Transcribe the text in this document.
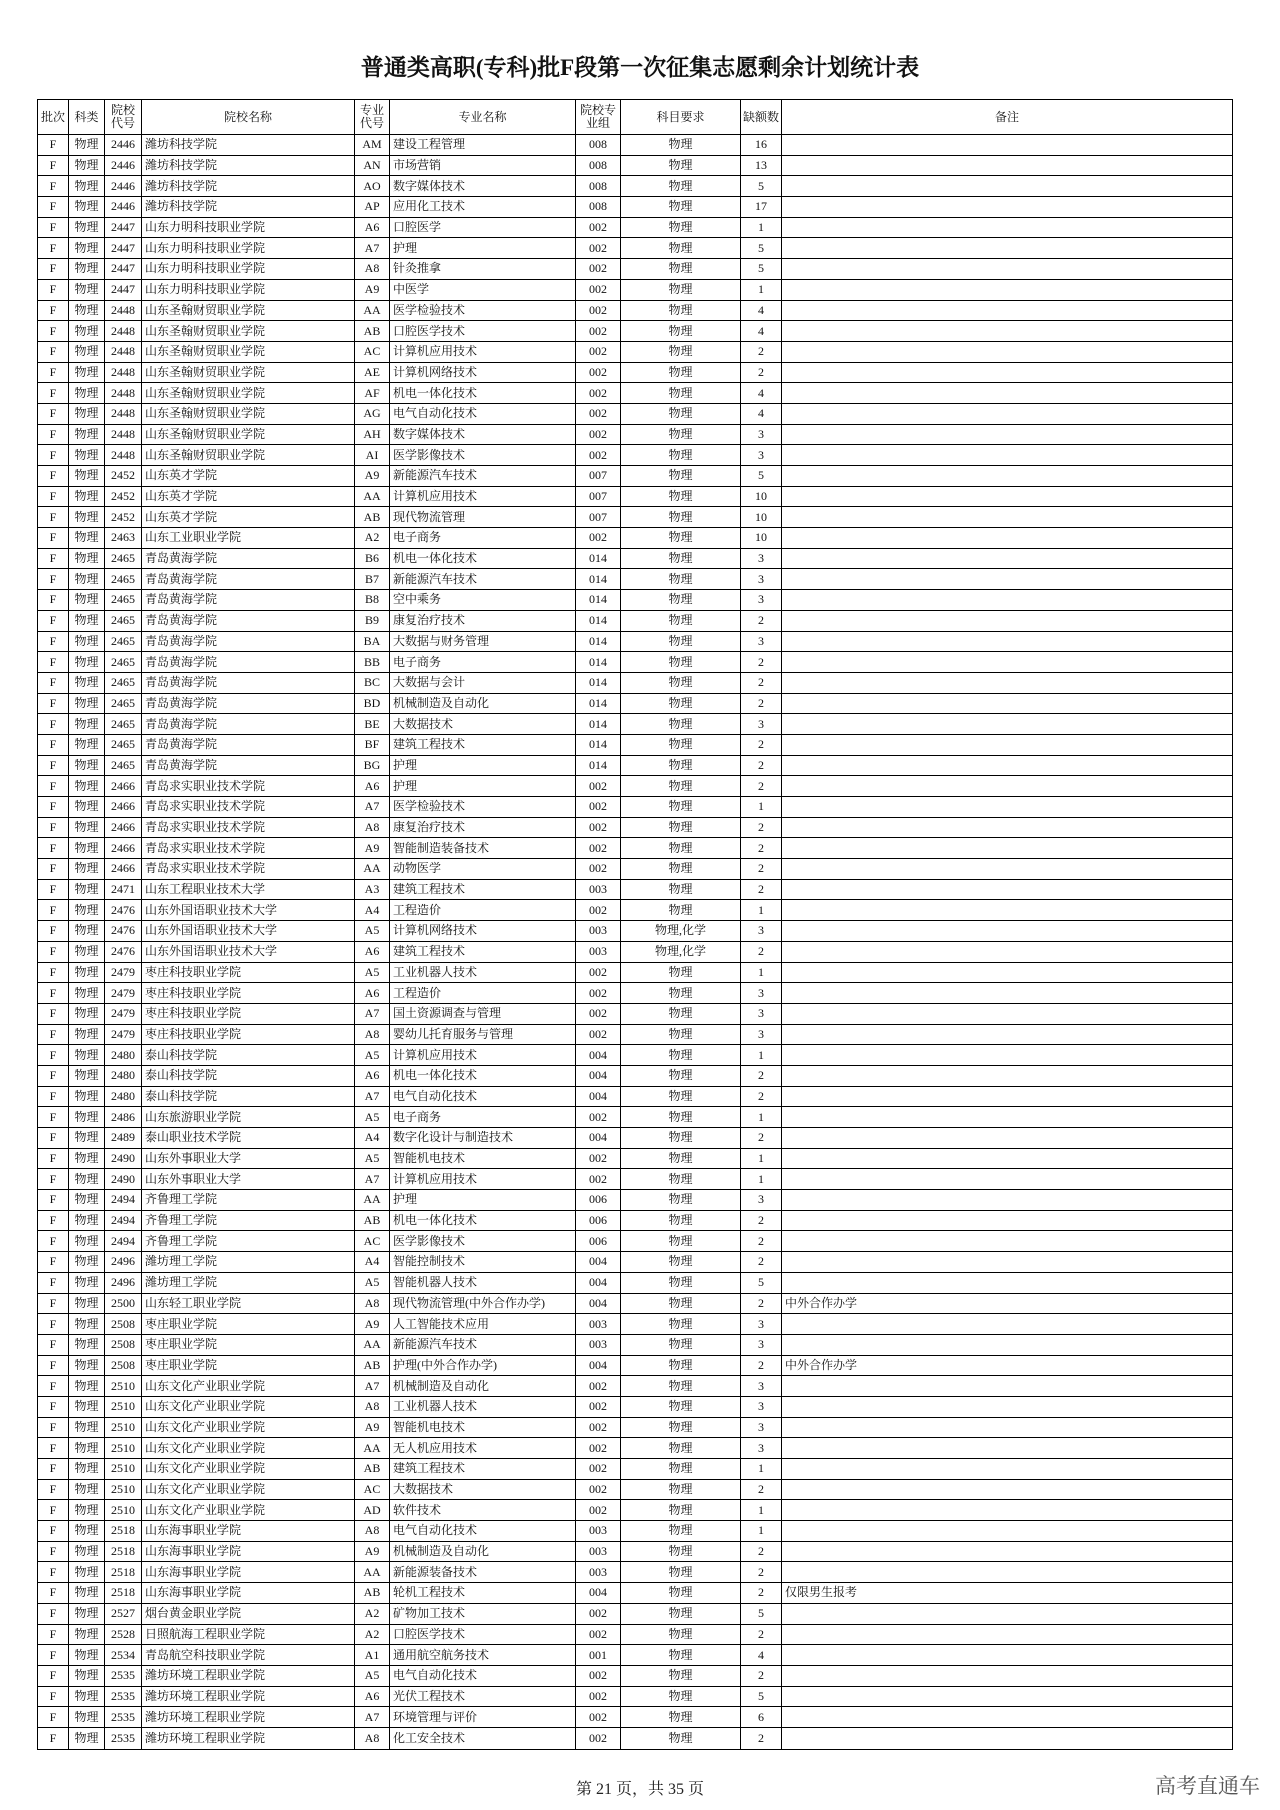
普通类高职(专科)批F段第一次征集志愿剩余计划统计表
批次 科类	院校代号	院校名称	专业代号	专业名称	院校专业组	科目要求	缺额数	备注
F	物理	2446 潍坊科技学院	AM 建设工程管理	008	物理	16
F	物理	2446 潍坊科技学院	AN	市场营销	008	物理	13
F	物理	2446 潍坊科技学院	AO	数字媒体技术	008	物理	5
F	物理	2446 潍坊科技学院	AP	应用化工技术	008	物理	17
F	物理	2447 山东力明科技职业学院	A6	口腔医学	002	物理	1
F	物理	2447 山东力明科技职业学院	A7	护理	002	物理	5
F	物理	2447 山东力明科技职业学院	A8	针灸推拿	002	物理	5
F	物理	2447 山东力明科技职业学院	A9	中医学	002	物理	1
F	物理	2448 山东圣翰财贸职业学院	AA	医学检验技术	002	物理	4
F	物理	2448 山东圣翰财贸职业学院	AB	口腔医学技术	002	物理	4
F	物理	2448 山东圣翰财贸职业学院	AC	计算机应用技术	002	物理	2
F	物理	2448 山东圣翰财贸职业学院	AE	计算机网络技术	002	物理	2
F	物理	2448 山东圣翰财贸职业学院	AF	机电一体化技术	002	物理	4
F	物理	2448 山东圣翰财贸职业学院	AG	电气自动化技术	002	物理	4
F	物理	2448 山东圣翰财贸职业学院	AH	数字媒体技术	002	物理	3
F	物理	2448 山东圣翰财贸职业学院	AI	医学影像技术	002	物理	3
F	物理	2452 山东英才学院	A9	新能源汽车技术	007	物理	5
F	物理	2452 山东英才学院	AA	计算机应用技术	007	物理	10
F	物理	2452 山东英才学院	AB	现代物流管理	007	物理	10
F	物理	2463 山东工业职业学院	A2	电子商务	002	物理	10
F	物理	2465 青岛黄海学院	B6	机电一体化技术	014	物理	3
F	物理	2465 青岛黄海学院	B7	新能源汽车技术	014	物理	3
F	物理	2465 青岛黄海学院	B8	空中乘务	014	物理	3
F	物理	2465 青岛黄海学院	B9	康复治疗技术	014	物理	2
F	物理	2465 青岛黄海学院	BA	大数据与财务管理	014	物理	3
F	物理	2465 青岛黄海学院	BB	电子商务	014	物理	2
F	物理	2465 青岛黄海学院	BC	大数据与会计	014	物理	2
F	物理	2465 青岛黄海学院	BD	机械制造及自动化	014	物理	2
F	物理	2465 青岛黄海学院	BE	大数据技术	014	物理	3
F	物理	2465 青岛黄海学院	BF	建筑工程技术	014	物理	2
F	物理	2465 青岛黄海学院	BG	护理	014	物理	2
F	物理	2466 青岛求实职业技术学院	A6	护理	002	物理	2
F	物理	2466 青岛求实职业技术学院	A7	医学检验技术	002	物理	1
F	物理	2466 青岛求实职业技术学院	A8	康复治疗技术	002	物理	2
F	物理	2466 青岛求实职业技术学院	A9	智能制造装备技术	002	物理	2
F	物理	2466 青岛求实职业技术学院	AA	动物医学	002	物理	2
F	物理	2471 山东工程职业技术大学	A3	建筑工程技术	003	物理	2
F	物理	2476 山东外国语职业技术大学	A4	工程造价	002	物理	1
F	物理	2476 山东外国语职业技术大学	A5	计算机网络技术	003	物理,化学	3
F	物理	2476 山东外国语职业技术大学	A6	建筑工程技术	003	物理,化学	2
F	物理	2479 枣庄科技职业学院	A5	工业机器人技术	002	物理	1
F	物理	2479 枣庄科技职业学院	A6	工程造价	002	物理	3
F	物理	2479 枣庄科技职业学院	A7	国土资源调查与管理	002	物理	3
F	物理	2479 枣庄科技职业学院	A8	婴幼儿托育服务与管理	002	物理	3
F	物理	2480 泰山科技学院	A5	计算机应用技术	004	物理	1
F	物理	2480 泰山科技学院	A6	机电一体化技术	004	物理	2
F	物理	2480 泰山科技学院	A7	电气自动化技术	004	物理	2
F	物理	2486 山东旅游职业学院	A5	电子商务	002	物理	1
F	物理	2489 泰山职业技术学院	A4	数字化设计与制造技术	004	物理	2
F	物理	2490 山东外事职业大学	A5	智能机电技术	002	物理	1
F	物理	2490 山东外事职业大学	A7	计算机应用技术	002	物理	1
F	物理	2494 齐鲁理工学院	AA	护理	006	物理	3
F	物理	2494 齐鲁理工学院	AB	机电一体化技术	006	物理	2
F	物理	2494 齐鲁理工学院	AC	医学影像技术	006	物理	2
F	物理	2496 潍坊理工学院	A4	智能控制技术	004	物理	2
F	物理	2496 潍坊理工学院	A5	智能机器人技术	004	物理	5
F	物理	2500 山东轻工职业学院	A8	现代物流管理(中外合作办学)	004	物理	2	中外合作办学
F	物理	2508 枣庄职业学院	A9	人工智能技术应用	003	物理	3
F	物理	2508 枣庄职业学院	AA	新能源汽车技术	003	物理	3
F	物理	2508 枣庄职业学院	AB	护理(中外合作办学)	004	物理	2	中外合作办学
F	物理	2510 山东文化产业职业学院	A7	机械制造及自动化	002	物理	3
F	物理	2510 山东文化产业职业学院	A8	工业机器人技术	002	物理	3
F	物理	2510 山东文化产业职业学院	A9	智能机电技术	002	物理	3
F	物理	2510 山东文化产业职业学院	AA	无人机应用技术	002	物理	3
F	物理	2510 山东文化产业职业学院	AB	建筑工程技术	002	物理	1
F	物理	2510 山东文化产业职业学院	AC	大数据技术	002	物理	2
F	物理	2510 山东文化产业职业学院	AD	软件技术	002	物理	1
F	物理	2518 山东海事职业学院	A8	电气自动化技术	003	物理	1
F	物理	2518 山东海事职业学院	A9	机械制造及自动化	003	物理	2
F	物理	2518 山东海事职业学院	AA	新能源装备技术	003	物理	2
F	物理	2518 山东海事职业学院	AB	轮机工程技术	004	物理	2	仅限男生报考
F	物理	2527 烟台黄金职业学院	A2	矿物加工技术	002	物理	5
F	物理	2528 日照航海工程职业学院	A2	口腔医学技术	002	物理	2
F	物理	2534 青岛航空科技职业学院	A1	通用航空航务技术	001	物理	4
F	物理	2535 潍坊环境工程职业学院	A5	电气自动化技术	002	物理	2
F	物理	2535 潍坊环境工程职业学院	A6	光伏工程技术	002	物理	5
F	物理	2535 潍坊环境工程职业学院	A7	环境管理与评价	002	物理	6
F	物理	2535 潍坊环境工程职业学院	A8	化工安全技术	002	物理	2
第 21 页，共 35 页	高考直通车
